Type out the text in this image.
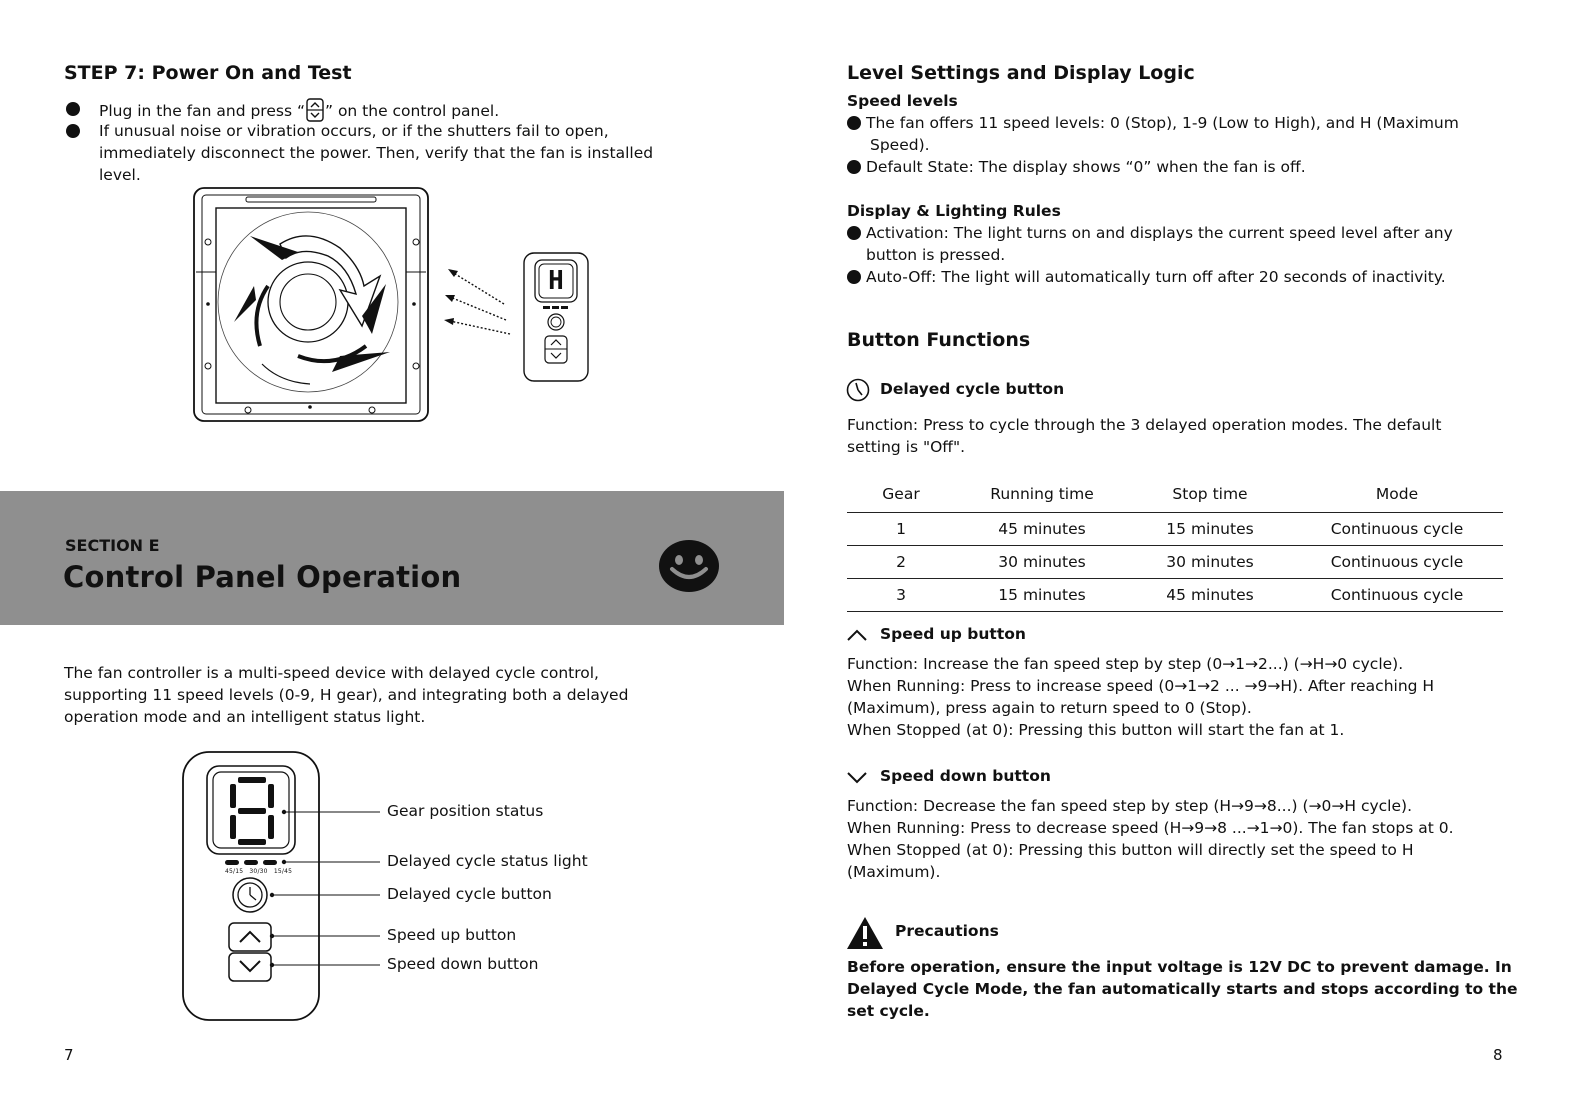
STEP 7: Power On and Test
Plug in the fan and press “ ” on the control panel.
If unusual noise or vibration occurs, or if the shutters fail to open,
immediately disconnect the power. Then, verify that the fan is installed
level.
H
SECTION E
Control Panel Operation
The fan controller is a multi-speed device with delayed cycle control,
supporting 11 speed levels (0-9, H gear), and integrating both a delayed
operation mode and an intelligent status light.
45/15 30/30 15/45
Gear position status
Delayed cycle status light
Delayed cycle button
Speed up button
Speed down button
7
Level Settings and Display Logic
Speed levels
The fan offers 11 speed levels: 0 (Stop), 1-9 (Low to High), and H (Maximum
Speed).
Default State: The display shows “0” when the fan is off.
Display & Lighting Rules
Activation: The light turns on and displays the current speed level after any
button is pressed.
Auto-Off: The light will automatically turn off after 20 seconds of inactivity.
Button Functions
Delayed cycle button
Function: Press to cycle through the 3 delayed operation modes. The default
setting is "Off".
Gear	Running time	Stop time	Mode
1	45 minutes	15 minutes	Continuous cycle
2	30 minutes	30 minutes	Continuous cycle
3	15 minutes	45 minutes	Continuous cycle
Speed up button
Function: Increase the fan speed step by step (0→1→2...) (→H→0 cycle).
When Running: Press to increase speed (0→1→2 ... →9→H). After reaching H
(Maximum), press again to return speed to 0 (Stop).
When Stopped (at 0): Pressing this button will start the fan at 1.
Speed down button
Function: Decrease the fan speed step by step (H→9→8...) (→0→H cycle).
When Running: Press to decrease speed (H→9→8 ...→1→0). The fan stops at 0.
When Stopped (at 0): Pressing this button will directly set the speed to H
(Maximum).
Precautions
Before operation, ensure the input voltage is 12V DC to prevent damage. In
Delayed Cycle Mode, the fan automatically starts and stops according to the
set cycle.
8
